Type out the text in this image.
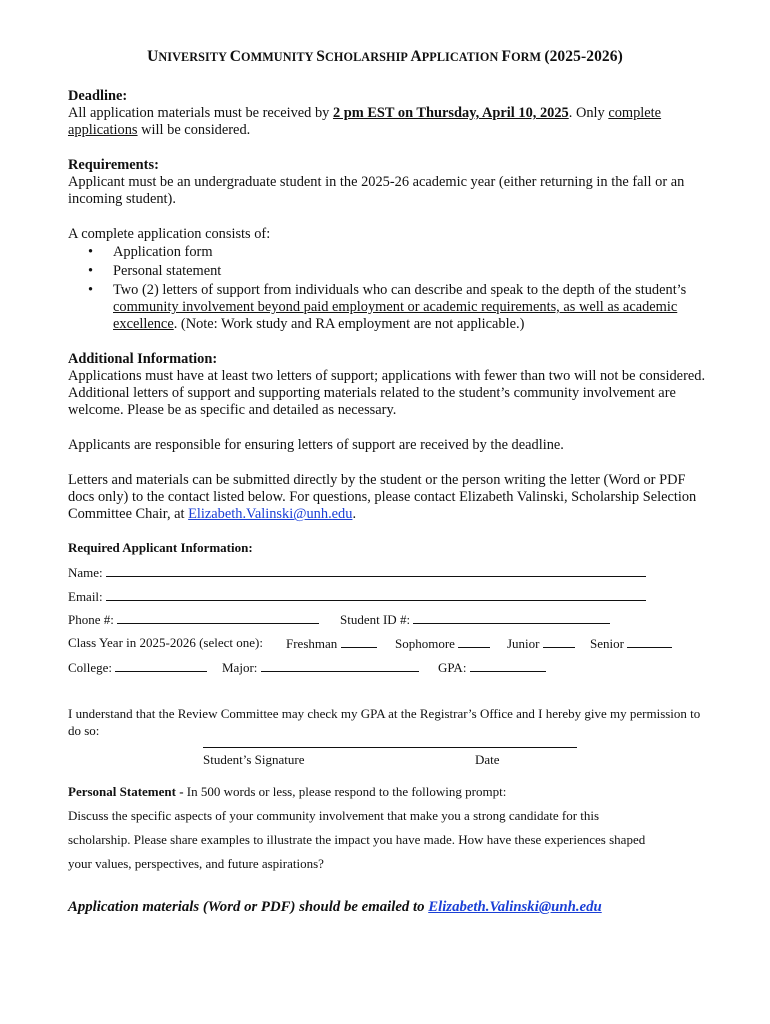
UNIVERSITY COMMUNITY SCHOLARSHIP APPLICATION FORM (2025-2026)
Deadline:
All application materials must be received by 2 pm EST on Thursday, April 10, 2025. Only complete applications will be considered.
Requirements:
Applicant must be an undergraduate student in the 2025-26 academic year (either returning in the fall or an incoming student).
A complete application consists of:
• Application form
• Personal statement
• Two (2) letters of support from individuals who can describe and speak to the depth of the student’s community involvement beyond paid employment or academic requirements, as well as academic excellence. (Note: Work study and RA employment are not applicable.)
Additional Information:
Applications must have at least two letters of support; applications with fewer than two will not be considered. Additional letters of support and supporting materials related to the student’s community involvement are welcome. Please be as specific and detailed as necessary.
Applicants are responsible for ensuring letters of support are received by the deadline.
Letters and materials can be submitted directly by the student or the person writing the letter (Word or PDF docs only) to the contact listed below. For questions, please contact Elizabeth Valinski, Scholarship Selection Committee Chair, at Elizabeth.Valinski@unh.edu.
Required Applicant Information:
Name:
Email:
Phone #:	Student ID #:
Class Year in 2025-2026 (select one): Freshman	Sophomore	Junior	Senior
College:	Major:	GPA:
I understand that the Review Committee may check my GPA at the Registrar’s Office and I hereby give my permission to do so:
Student’s Signature	Date
Personal Statement - In 500 words or less, please respond to the following prompt:
Discuss the specific aspects of your community involvement that make you a strong candidate for this
scholarship. Please share examples to illustrate the impact you have made. How have these experiences shaped
your values, perspectives, and future aspirations?
Application materials (Word or PDF) should be emailed to Elizabeth.Valinski@unh.edu
